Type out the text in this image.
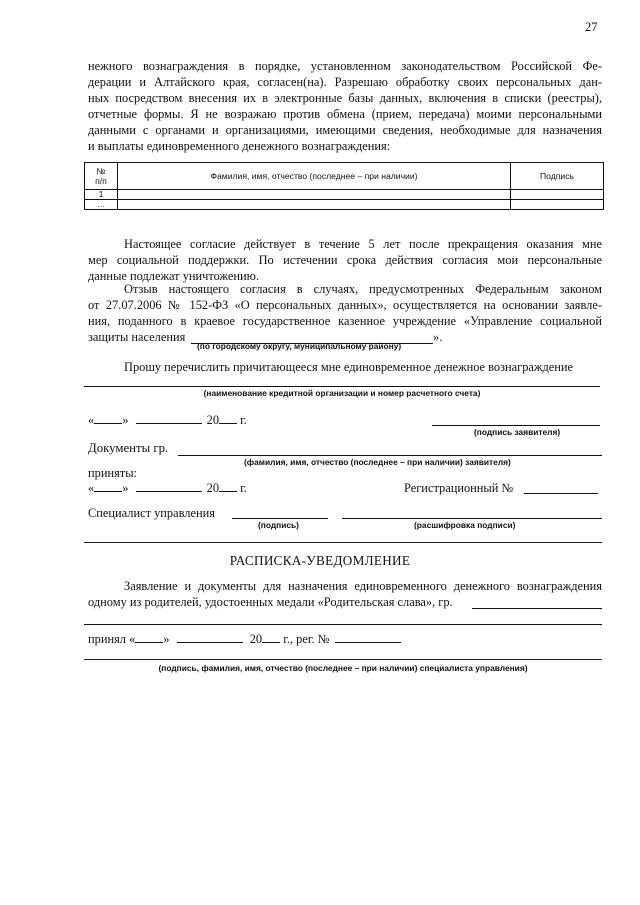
27
нежного вознаграждения в порядке, установленном законодательством Российской Фе-
дерации и Алтайского края, согласен(на). Разрешаю обработку своих персональных дан-
ных посредством внесения их в электронные базы данных, включения в списки (реестры),
отчетные формы. Я не возражаю против обмена (прием, передача) моими персональными
данными с органами и организациями, имеющими сведения, необходимые для назначения
и выплаты единовременного денежного вознаграждения:
№
п/п	Фамилия, имя, отчество (последнее – при наличии)	Подпись
1		
…		
Настоящее согласие действует в течение 5 лет после прекращения оказания мне
мер социальной поддержки. По истечении срока действия согласия мои персональные
данные подлежат уничтожению.
Отзыв настоящего согласия в случаях, предусмотренных Федеральным законом
от 27.07.2006 № 152-ФЗ «О персональных данных», осуществляется на основании заявле-
ния, поданного в краевое государственное казенное учреждение «Управление социальной
защиты населения	».
(по городскому округу, муниципальному району)
Прошу перечислить причитающееся мне единовременное денежное вознаграждение
(наименование кредитной организации и номер расчетного счета)
« »	20 г.
(подпись заявителя)
Документы гр.
(фамилия, имя, отчество (последнее – при наличии) заявителя)
приняты:
« »	20 г.	Регистрационный №
Специалист управления
(подпись)	(расшифровка подписи)
РАСПИСКА-УВЕДОМЛЕНИЕ
Заявление и документы для назначения единовременного денежного вознаграждения
одному из родителей, удостоенных медали «Родительская слава», гр.
принял « »	20 г., рег. №
(подпись, фамилия, имя, отчество (последнее – при наличии) специалиста управления)
